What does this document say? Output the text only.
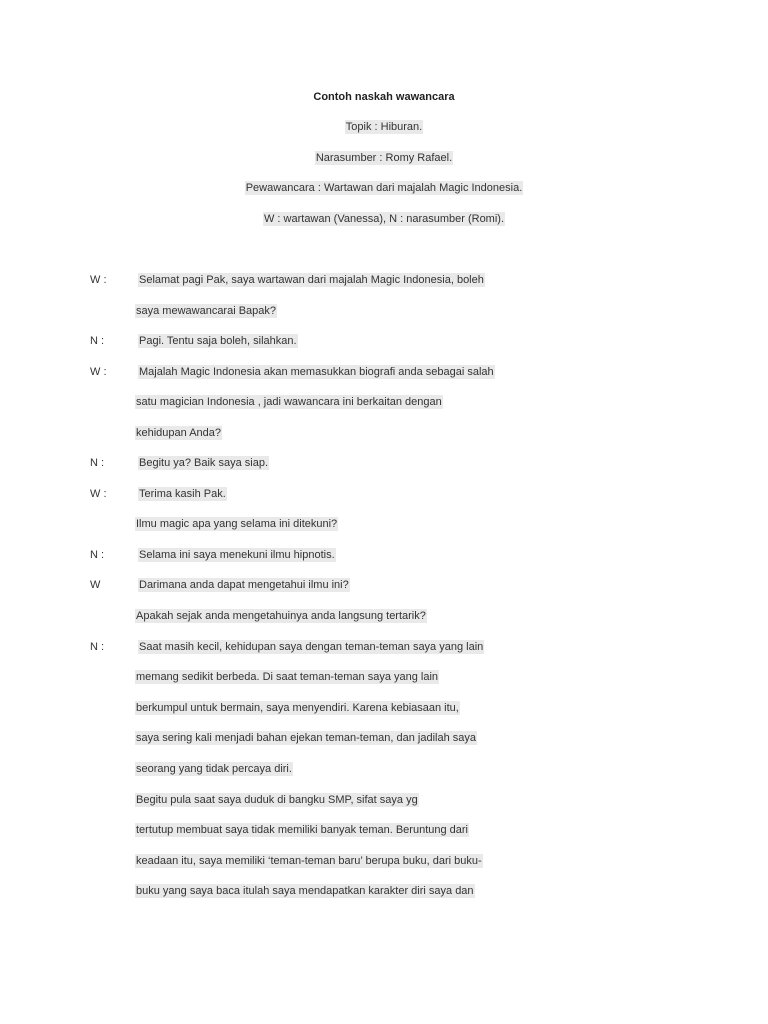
Contoh naskah wawancara
Topik : Hiburan.
Narasumber : Romy Rafael.
Pewawancara : Wartawan dari majalah Magic Indonesia.
W : wartawan (Vanessa), N : narasumber (Romi).
W :	Selamat pagi Pak, saya wartawan dari majalah Magic Indonesia, boleh
saya mewawancarai Bapak?
N :	Pagi. Tentu saja boleh, silahkan.
W :	Majalah Magic Indonesia akan memasukkan biografi anda sebagai salah
satu magician Indonesia , jadi wawancara ini berkaitan dengan
kehidupan Anda?
N :	Begitu ya? Baik saya siap.
W :	Terima kasih Pak.
Ilmu magic apa yang selama ini ditekuni?
N :	Selama ini saya menekuni ilmu hipnotis.
W	Darimana anda dapat mengetahui ilmu ini?
Apakah sejak anda mengetahuinya anda langsung tertarik?
N :	Saat masih kecil, kehidupan saya dengan teman-teman saya yang lain
memang sedikit berbeda. Di saat teman-teman saya yang lain
berkumpul untuk bermain, saya menyendiri. Karena kebiasaan itu,
saya sering kali menjadi bahan ejekan teman-teman, dan jadilah saya
seorang yang tidak percaya diri.
Begitu pula saat saya duduk di bangku SMP, sifat saya yg
tertutup membuat saya tidak memiliki banyak teman. Beruntung dari
keadaan itu, saya memiliki ‘teman-teman baru’ berupa buku, dari buku-
buku yang saya baca itulah saya mendapatkan karakter diri saya dan
